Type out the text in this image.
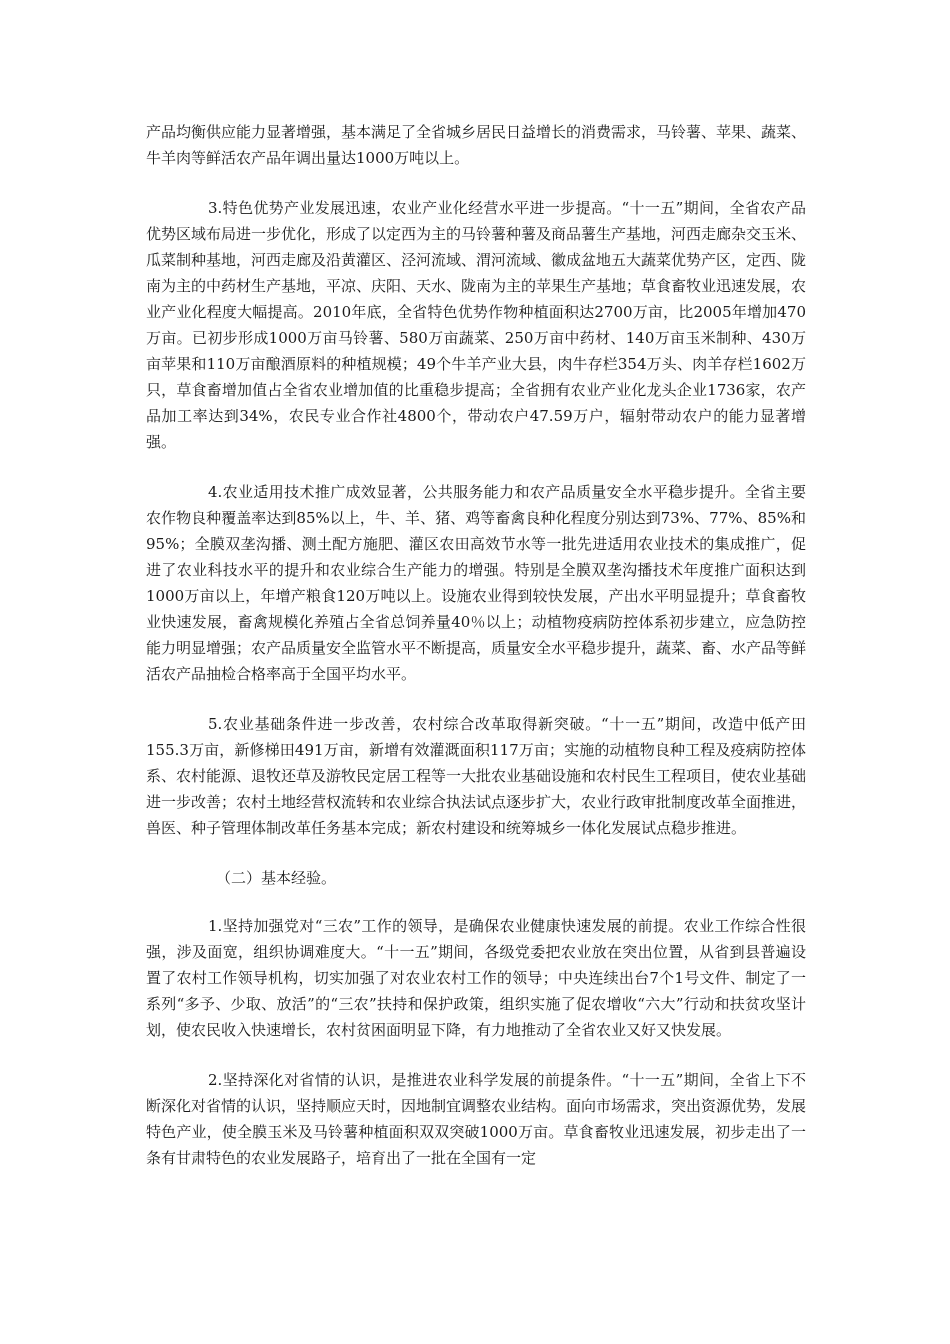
产品均衡供应能力显著增强，基本满足了全省城乡居民日益增长的消费需求，马铃薯、苹果、蔬菜、牛羊肉等鲜活农产品年调出量达1000万吨以上。

3.特色优势产业发展迅速，农业产业化经营水平进一步提高。“十一五”期间，全省农产品优势区域布局进一步优化，形成了以定西为主的马铃薯种薯及商品薯生产基地，河西走廊杂交玉米、瓜菜制种基地，河西走廊及沿黄灌区、泾河流域、渭河流域、徽成盆地五大蔬菜优势产区，定西、陇南为主的中药材生产基地，平凉、庆阳、天水、陇南为主的苹果生产基地；草食畜牧业迅速发展，农业产业化程度大幅提高。2010年底，全省特色优势作物种植面积达2700万亩，比2005年增加470万亩。已初步形成1000万亩马铃薯、580万亩蔬菜、250万亩中药材、140万亩玉米制种、430万亩苹果和110万亩酿酒原料的种植规模；49个牛羊产业大县，肉牛存栏354万头、肉羊存栏1602万只，草食畜增加值占全省农业增加值的比重稳步提高；全省拥有农业产业化龙头企业1736家，农产品加工率达到34%，农民专业合作社4800个，带动农户47.59万户，辐射带动农户的能力显著增强。

4.农业适用技术推广成效显著，公共服务能力和农产品质量安全水平稳步提升。全省主要农作物良种覆盖率达到85%以上，牛、羊、猪、鸡等畜禽良种化程度分别达到73%、77%、85%和95%；全膜双垄沟播、测土配方施肥、灌区农田高效节水等一批先进适用农业技术的集成推广，促进了农业科技水平的提升和农业综合生产能力的增强。特别是全膜双垄沟播技术年度推广面积达到1000万亩以上，年增产粮食120万吨以上。设施农业得到较快发展，产出水平明显提升；草食畜牧业快速发展，畜禽规模化养殖占全省总饲养量40％以上；动植物疫病防控体系初步建立，应急防控能力明显增强；农产品质量安全监管水平不断提高，质量安全水平稳步提升，蔬菜、畜、水产品等鲜活农产品抽检合格率高于全国平均水平。

5.农业基础条件进一步改善，农村综合改革取得新突破。“十一五”期间，改造中低产田155.3万亩，新修梯田491万亩，新增有效灌溉面积117万亩；实施的动植物良种工程及疫病防控体系、农村能源、退牧还草及游牧民定居工程等一大批农业基础设施和农村民生工程项目，使农业基础进一步改善；农村土地经营权流转和农业综合执法试点逐步扩大，农业行政审批制度改革全面推进，兽医、种子管理体制改革任务基本完成；新农村建设和统筹城乡一体化发展试点稳步推进。

（二）基本经验。

1.坚持加强党对“三农”工作的领导，是确保农业健康快速发展的前提。农业工作综合性很强，涉及面宽，组织协调难度大。“十一五”期间，各级党委把农业放在突出位置，从省到县普遍设置了农村工作领导机构，切实加强了对农业农村工作的领导；中央连续出台7个1号文件、制定了一系列“多予、少取、放活”的“三农”扶持和保护政策，组织实施了促农增收“六大”行动和扶贫攻坚计划，使农民收入快速增长，农村贫困面明显下降，有力地推动了全省农业又好又快发展。

2.坚持深化对省情的认识，是推进农业科学发展的前提条件。“十一五”期间，全省上下不断深化对省情的认识，坚持顺应天时，因地制宜调整农业结构。面向市场需求，突出资源优势，发展特色产业，使全膜玉米及马铃薯种植面积双双突破1000万亩。草食畜牧业迅速发展，初步走出了一条有甘肃特色的农业发展路子，培育出了一批在全国有一定
